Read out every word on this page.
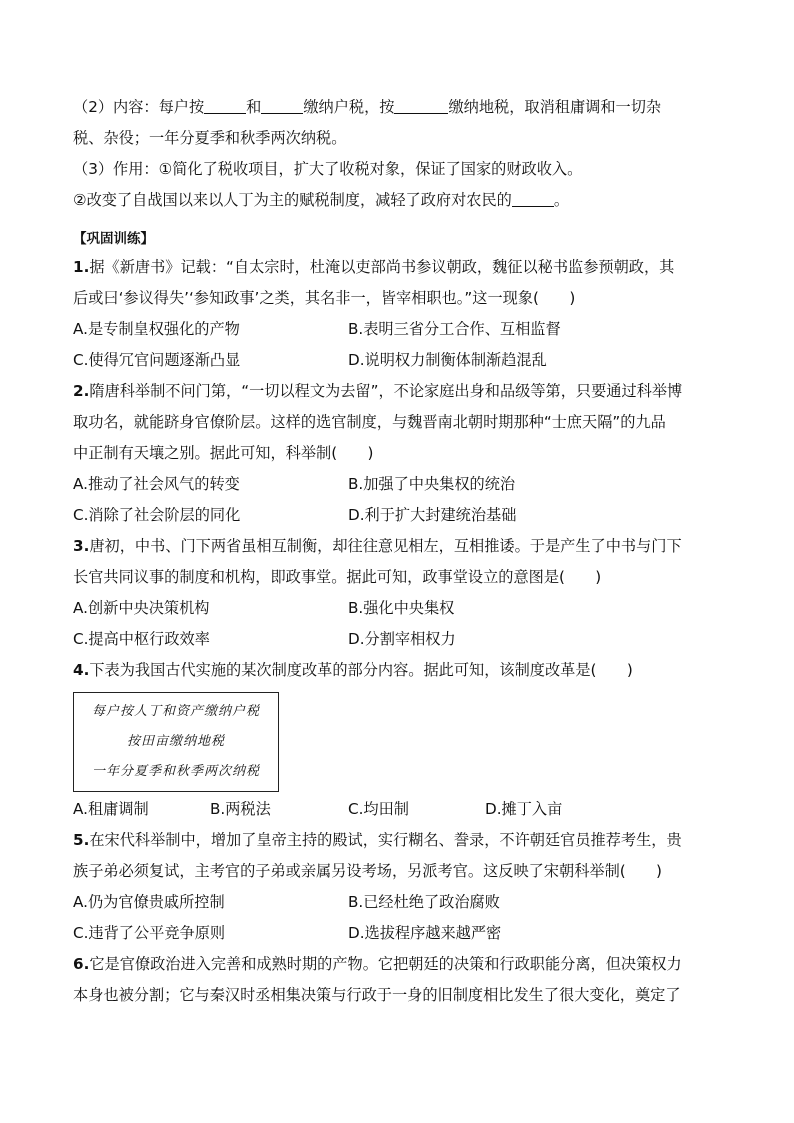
（2）内容：每户按	和	缴纳户税，按	缴纳地税，取消租庸调和一切杂
税、杂役；一年分夏季和秋季两次纳税。
（3）作用：①简化了税收项目，扩大了收税对象，保证了国家的财政收入。
②改变了自战国以来以人丁为主的赋税制度，减轻了政府对农民的	。
【巩固训练】
1.据《新唐书》记载：“自太宗时，杜淹以吏部尚书参议朝政，魏征以秘书监参预朝政，其
后或曰‘参议得失’‘参知政事’之类，其名非一，皆宰相职也。”这一现象(　　)
A.是专制皇权强化的产物	B.表明三省分工合作、互相监督
C.使得冗官问题逐渐凸显	D.说明权力制衡体制渐趋混乱
2.隋唐科举制不问门第，“一切以程文为去留”，不论家庭出身和品级等第，只要通过科举博
取功名，就能跻身官僚阶层。这样的选官制度，与魏晋南北朝时期那种“士庶天隔”的九品
中正制有天壤之别。据此可知，科举制(　　)
A.推动了社会风气的转变	B.加强了中央集权的统治
C.消除了社会阶层的同化	D.利于扩大封建统治基础
3.唐初，中书、门下两省虽相互制衡，却往往意见相左，互相推诿。于是产生了中书与门下
长官共同议事的制度和机构，即政事堂。据此可知，政事堂设立的意图是(　　)
A.创新中央决策机构	B.强化中央集权
C.提高中枢行政效率	D.分割宰相权力
4.下表为我国古代实施的某次制度改革的部分内容。据此可知，该制度改革是(　　)
每户按人丁和资产缴纳户税
按田亩缴纳地税
一年分夏季和秋季两次纳税
A.租庸调制	B.两税法	C.均田制	D.摊丁入亩
5.在宋代科举制中，增加了皇帝主持的殿试，实行糊名、誊录，不许朝廷官员推荐考生，贵
族子弟必须复试，主考官的子弟或亲属另设考场，另派考官。这反映了宋朝科举制(　　)
A.仍为官僚贵戚所控制	B.已经杜绝了政治腐败
C.违背了公平竞争原则	D.选拔程序越来越严密
6.它是官僚政治进入完善和成熟时期的产物。它把朝廷的决策和行政职能分离，但决策权力
本身也被分割；它与秦汉时丞相集决策与行政于一身的旧制度相比发生了很大变化，奠定了
